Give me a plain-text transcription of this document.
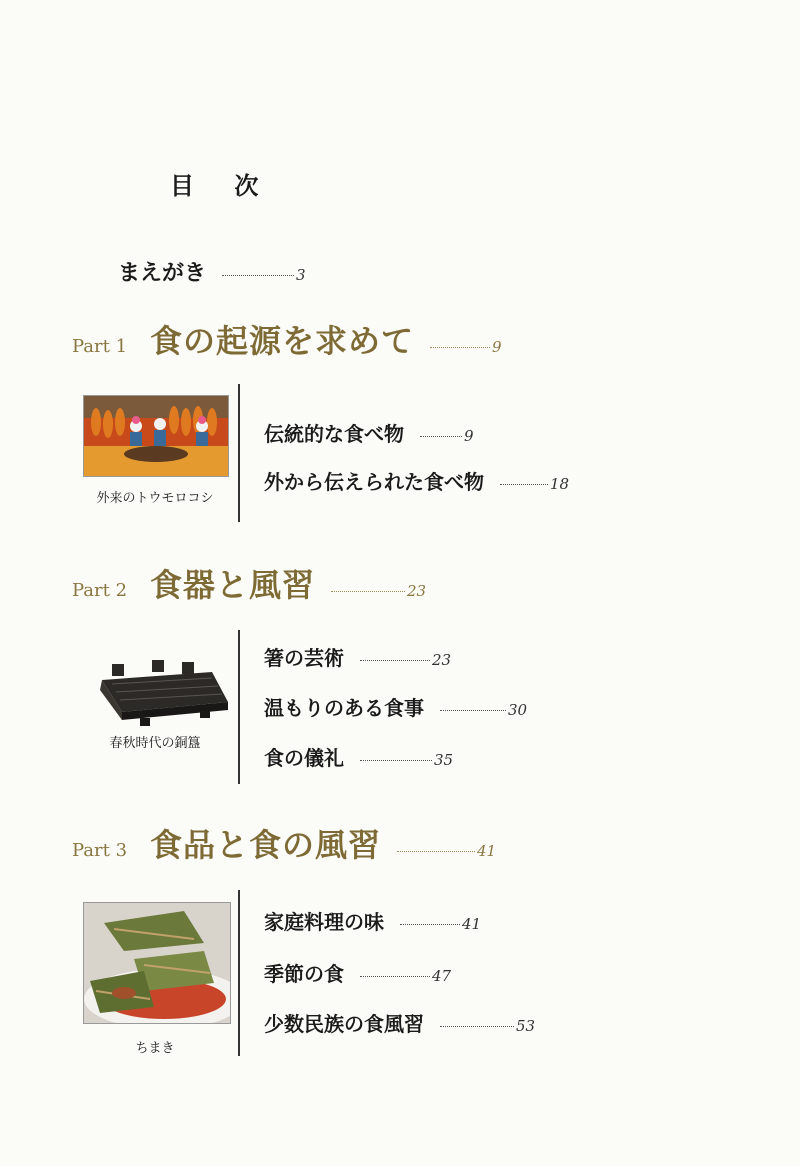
目 次
まえがき	3
Part 1 食の起源を求めて	9
外来のトウモロコシ
伝統的な食べ物	9
外から伝えられた食べ物	18
Part 2 食器と風習	23
春秋時代の銅簋
箸の芸術	23
温もりのある食事	30
食の儀礼	35
Part 3 食品と食の風習	41
ちまき
家庭料理の味	41
季節の食	47
少数民族の食風習	53
